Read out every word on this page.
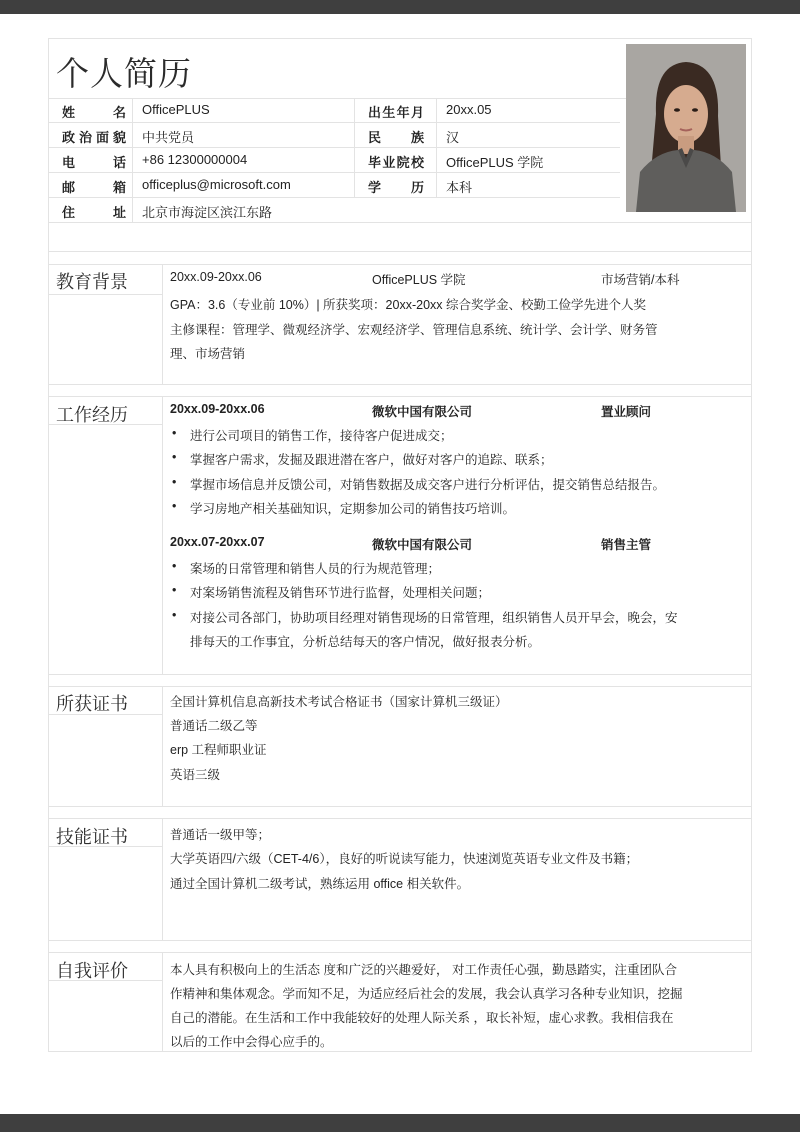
个人简历
姓名 OfficePLUS	出生年月 20xx.05
政治面貌 中共党员	民族 汉
电话 +86 12300000004	毕业院校 OfficePLUS 学院
邮箱 officeplus@microsoft.com	学历 本科
住址 北京市海淀区滨江东路
教育背景	20xx.09-20xx.06	OfficePLUS 学院	市场营销/本科
GPA：3.6（专业前 10%）| 所获奖项：20xx-20xx 综合奖学金、校勤工俭学先进个人奖
主修课程：管理学、微观经济学、宏观经济学、管理信息系统、统计学、会计学、财务管
理、市场营销
工作经历	20xx.09-20xx.06	微软中国有限公司	置业顾问
• 进行公司项目的销售工作，接待客户促进成交；
• 掌握客户需求，发掘及跟进潜在客户，做好对客户的追踪、联系；
• 掌握市场信息并反馈公司，对销售数据及成交客户进行分析评估，提交销售总结报告。
• 学习房地产相关基础知识，定期参加公司的销售技巧培训。
20xx.07-20xx.07	微软中国有限公司	销售主管
• 案场的日常管理和销售人员的行为规范管理；
• 对案场销售流程及销售环节进行监督，处理相关问题；
• 对接公司各部门，协助项目经理对销售现场的日常管理，组织销售人员开早会，晚会，安
排每天的工作事宜，分析总结每天的客户情况，做好报表分析。
所获证书	全国计算机信息高新技术考试合格证书（国家计算机三级证）
普通话二级乙等
erp 工程师职业证
英语三级
技能证书	普通话一级甲等；
大学英语四/六级（CET-4/6），良好的听说读写能力，快速浏览英语专业文件及书籍；
通过全国计算机二级考试，熟练运用 office 相关软件。
自我评价	本人具有积极向上的生活态 度和广泛的兴趣爱好， 对工作责任心强，勤恳踏实，注重团队合
作精神和集体观念。学而知不足，为适应经后社会的发展，我会认真学习各种专业知识，挖掘
自己的潜能。在生活和工作中我能较好的处理人际关系 ，取长补短，虚心求教。我相信我在
以后的工作中会得心应手的。
